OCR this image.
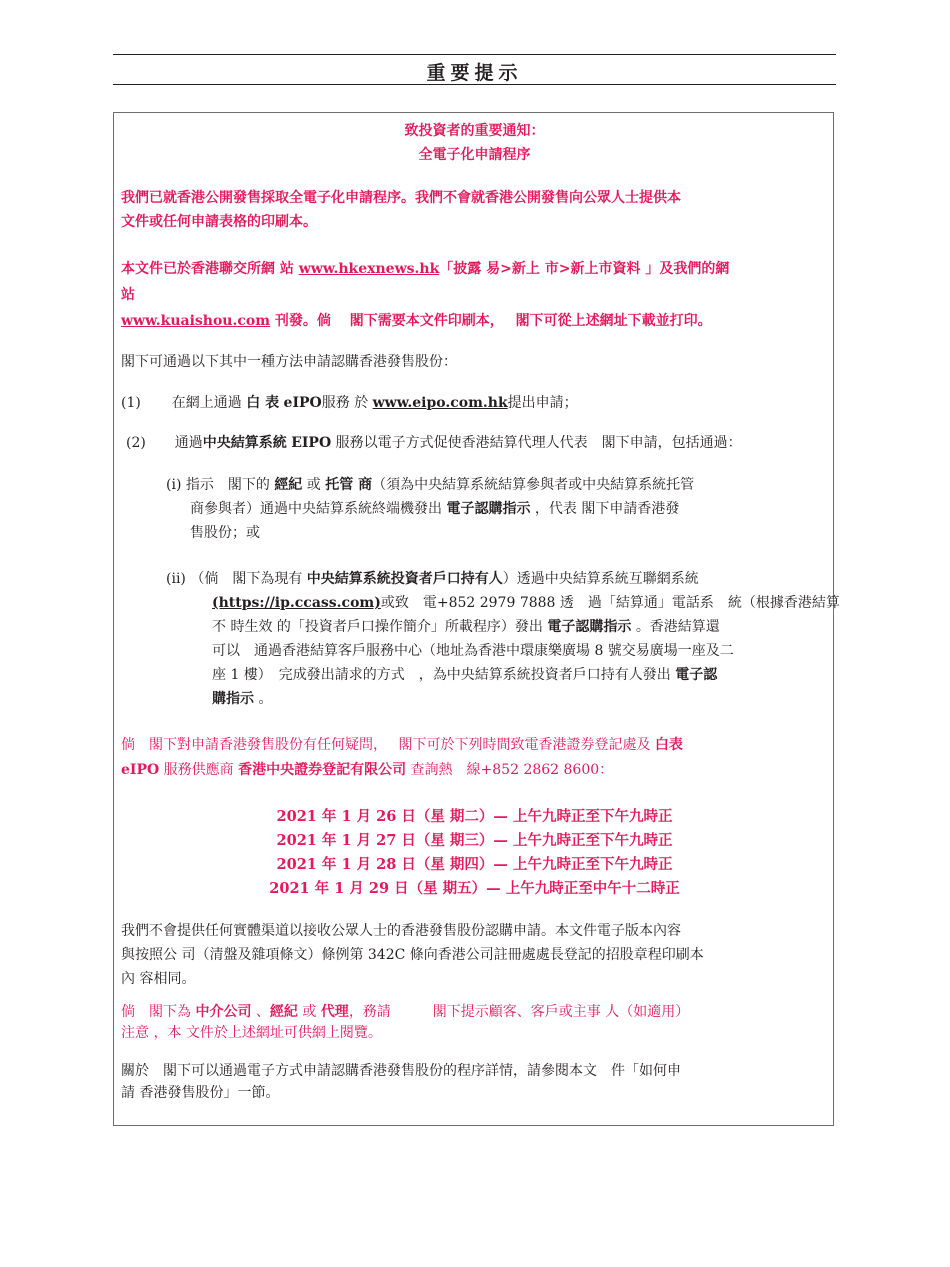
重要提示
致投資者的重要通知：
全電子化申請程序
我們已就香港公開發售採取全電子化申請程序。我們不會就香港公開發售向公眾人士提供本
文件或任何申請表格的印刷本。
本文件已於香港聯交所網 站 www.hkexnews.hk「披露 易>新上 市>新上市資料 」及我們的網
站
www.kuaishou.com 刊發。倘　 閣下需要本文件印刷本，　 閣下可從上述網址下載並打印。
閣下可通過以下其中一種方法申請認購香港發售股份：
(1) 在網上通過 白 表 eIPO服務 於 www.eipo.com.hk提出申請；
(2) 通過中央結算系統 EIPO 服務以電子方式促使香港結算代理人代表　閣下申請，包括通過：
(i) 指示　閣下的 經紀 或 托管 商（須為中央結算系統結算參與者或中央結算系統托管
商參與者）通過中央結算系統終端機發出 電子認購指示 ，代表 閣下申請香港發
售股份；或
(ii) （倘　閣下為現有 中央結算系統投資者戶口持有人）透過中央結算系統互聯網系統
(https://ip.ccass.com)或致　電+852 2979 7888 透　過「結算通」電話系　統（根據香港結算
不 時生效 的「投資者戶口操作簡介」所載程序）發出 電子認購指示 。香港結算還
可以　通過香港結算客戶服務中心（地址為香港中環康樂廣場 8 號交易廣場一座及二
座 1 樓）　完成發出請求的方式　，為中央結算系統投資者戶口持有人發出 電子認
購指示 。
倘　閣下對申請香港發售股份有任何疑問，　 閣下可於下列時間致電香港證券登記處及 白表
eIPO 服務供應商 香港中央證券登記有限公司 查詢熱　線+852 2862 8600：
2021 年 1 月 26 日（星 期二）— 上午九時正至下午九時正
2021 年 1 月 27 日（星 期三）— 上午九時正至下午九時正
2021 年 1 月 28 日（星 期四）— 上午九時正至下午九時正
2021 年 1 月 29 日（星 期五）— 上午九時正至中午十二時正
我們不會提供任何實體渠道以接收公眾人士的香港發售股份認購申請。本文件電子版本內容
與按照公 司（清盤及雜項條文）條例第 342C 條向香港公司註冊處處長登記的招股章程印刷本
內 容相同。
倘　閣下為 中介公司 、經紀 或 代理，務請　　　閣下提示顧客、客戶或主事 人（如適用）
注意 ，本 文件於上述網址可供網上閱覽。
關於　閣下可以通過電子方式申請認購香港發售股份的程序詳情，請參閱本文　件「如何申
請 香港發售股份」一節。
